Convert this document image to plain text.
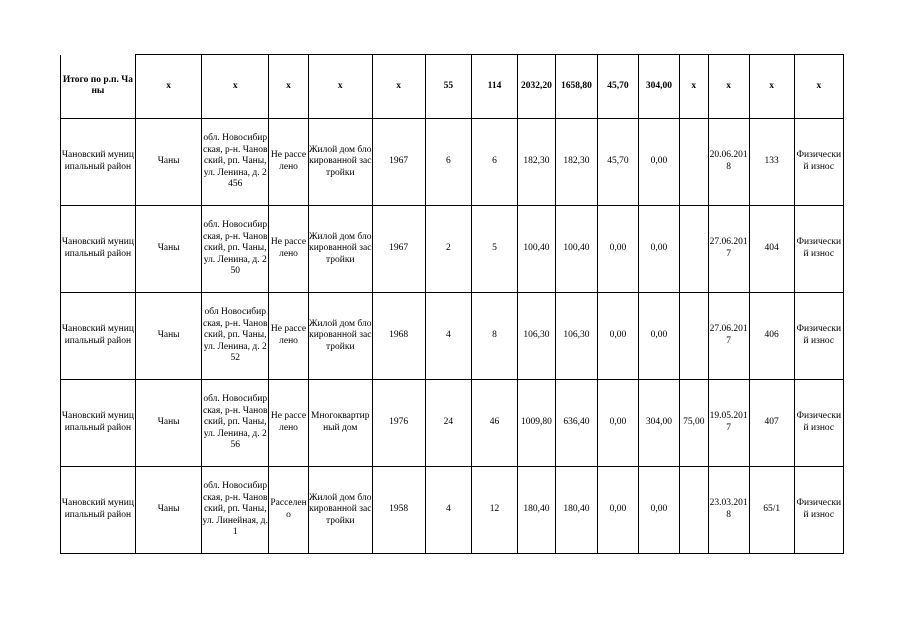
Итого по р.п. Чаны	х	х	х	х	х	55	114	2032,20	1658,80	45,70	304,00	х	х	х	х

Чановский муниципальный район	Чаны	обл. Новосибирская, р-н. Чановский, рп. Чаны, ул. Ленина, д. 2456	Не расселено	Жилой дом блокированной застройки	1967	6	6	182,30	182,30	45,70	0,00		20.06.2018	133	Физический износ

Чановский муниципальный район	Чаны	обл. Новосибирская, р-н. Чановский, рп. Чаны, ул. Ленина, д. 250	Не расселено	Жилой дом блокированной застройки	1967	2	5	100,40	100,40	0,00	0,00		27.06.2017	404	Физический износ

Чановский муниципальный район	Чаны	обл Новосибирская, р-н. Чановский, рп. Чаны, ул. Ленина, д. 252	Не расселено	Жилой дом блокированной застройки	1968	4	8	106,30	106,30	0,00	0,00		27.06.2017	406	Физический износ

Чановский муниципальный район	Чаны	обл. Новосибирская, р-н. Чановский, рп. Чаны, ул. Ленина, д. 256	Не расселено	Многоквартирный дом	1976	24	46	1009,80	636,40	0,00	304,00	75,00	19.05.2017	407	Физический износ

Чановский муниципальный район	Чаны	обл. Новосибирская, р-н. Чановский, рп. Чаны, ул. Линейная, д. 1	Расселено	Жилой дом блокированной застройки	1958	4	12	180,40	180,40	0,00	0,00		23.03.2018	65/1	Физический износ
